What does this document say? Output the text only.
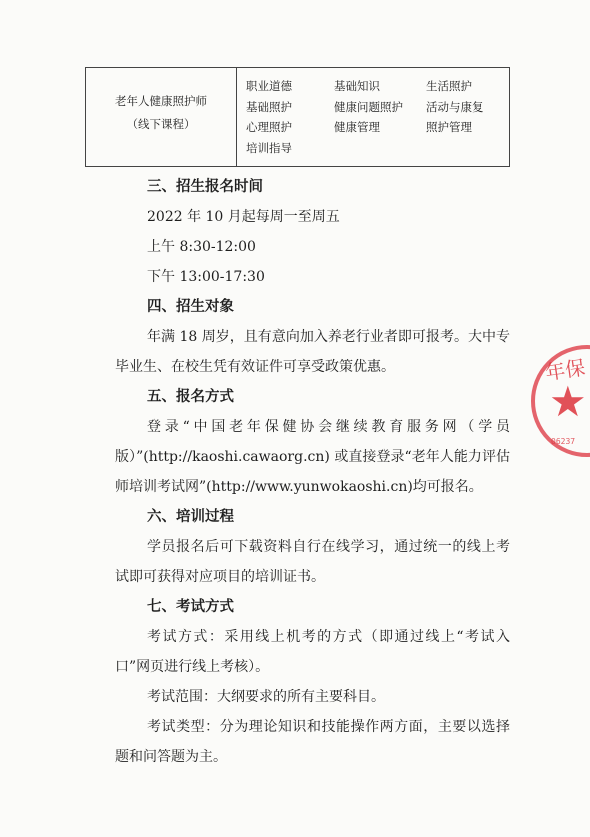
老年人健康照护师
（线下课程）
职业道德	基础知识	生活照护
基础照护	健康问题照护	活动与康复
心理照护	健康管理	照护管理
培训指导
三、招生报名时间
2022 年 10 月起每周一至周五
上午 8:30-12:00
下午 13:00-17:30
四、招生对象
年满 18 周岁，且有意向加入养老行业者即可报考。大中专毕业生、在校生凭有效证件可享受政策优惠。
五、报名方式
登录“中国老年保健协会继续教育服务网（学员版）”(http://kaoshi.cawaorg.cn) 或直接登录“老年人能力评估师培训考试网”(http://www.yunwokaoshi.cn)均可报名。
六、培训过程
学员报名后可下载资料自行在线学习，通过统一的线上考试即可获得对应项目的培训证书。
七、考试方式
考试方式：采用线上机考的方式（即通过线上“考试入口”网页进行线上考核）。
考试范围：大纲要求的所有主要科目。
考试类型：分为理论知识和技能操作两方面，主要以选择题和问答题为主。
年保
★
06237
